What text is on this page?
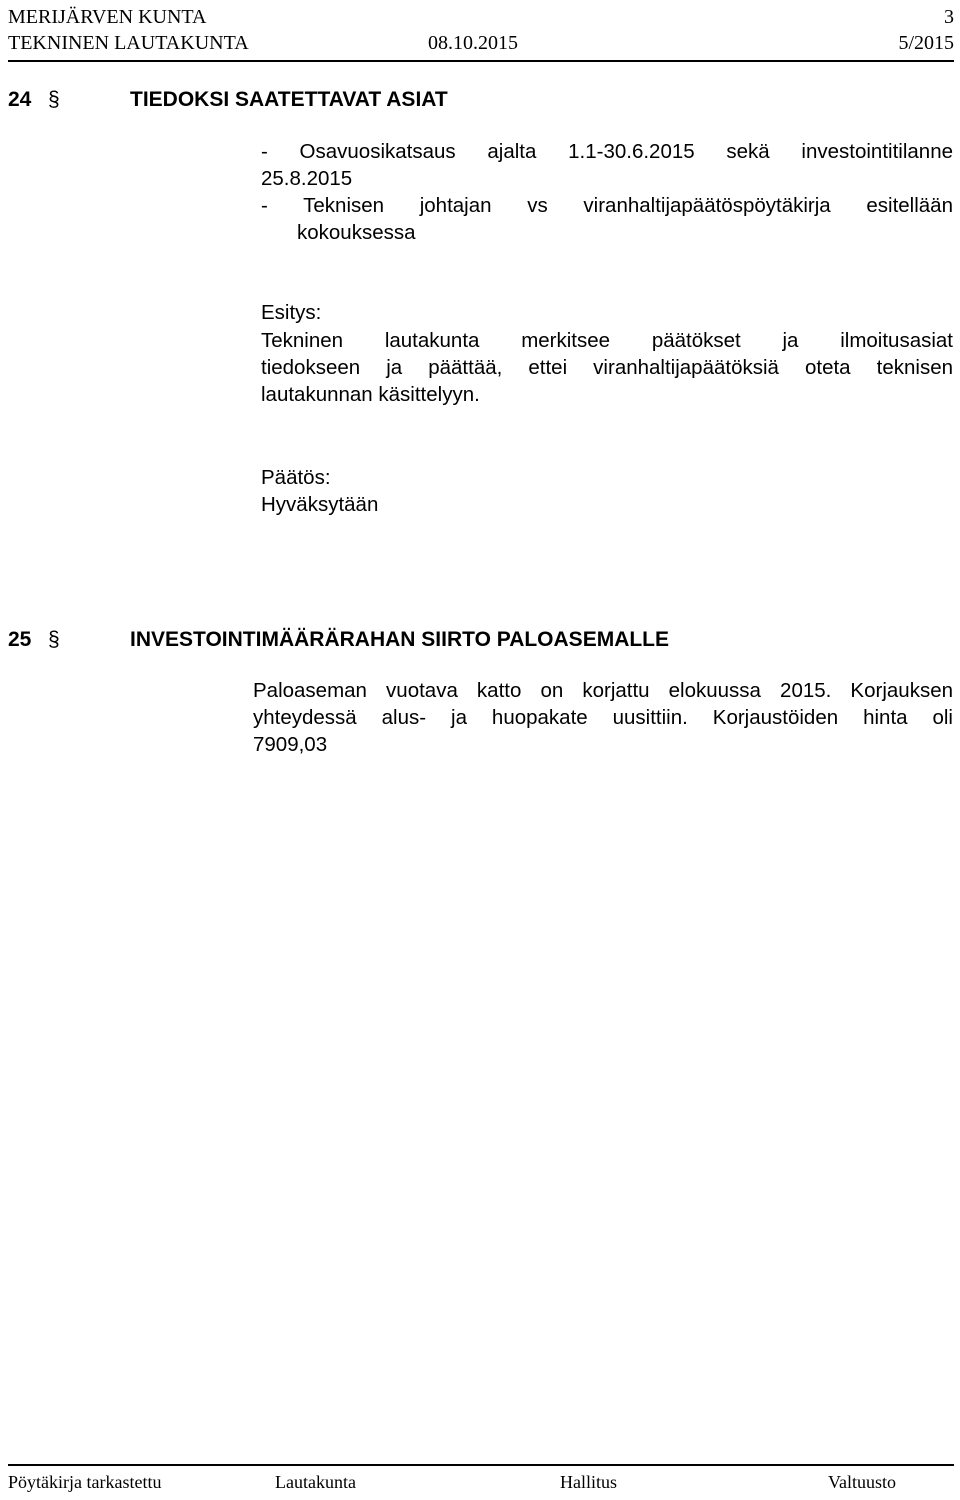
MERIJÄRVEN KUNTA	3
TEKNINEN LAUTAKUNTA	08.10.2015	5/2015
24 §	TIEDOKSI SAATETTAVAT ASIAT
- Osavuosikatsaus ajalta 1.1-30.6.2015 sekä investointitilanne
25.8.2015
- Teknisen johtajan vs viranhaltijapäätöspöytäkirja esitellään
kokouksessa
Esitys:
Tekninen lautakunta merkitsee päätökset ja ilmoitusasiat
tiedokseen ja päättää, ettei viranhaltijapäätöksiä oteta teknisen
lautakunnan käsittelyyn.
Päätös:
Hyväksytään
25 §	INVESTOINTIMÄÄRÄRAHAN SIIRTO PALOASEMALLE
Paloaseman vuotava katto on korjattu elokuussa 2015. Korjauksen
yhteydessä alus- ja huopakate uusittiin. Korjaustöiden hinta oli
7909,03
Pöytäkirja tarkastettu	Lautakunta	Hallitus	Valtuusto
